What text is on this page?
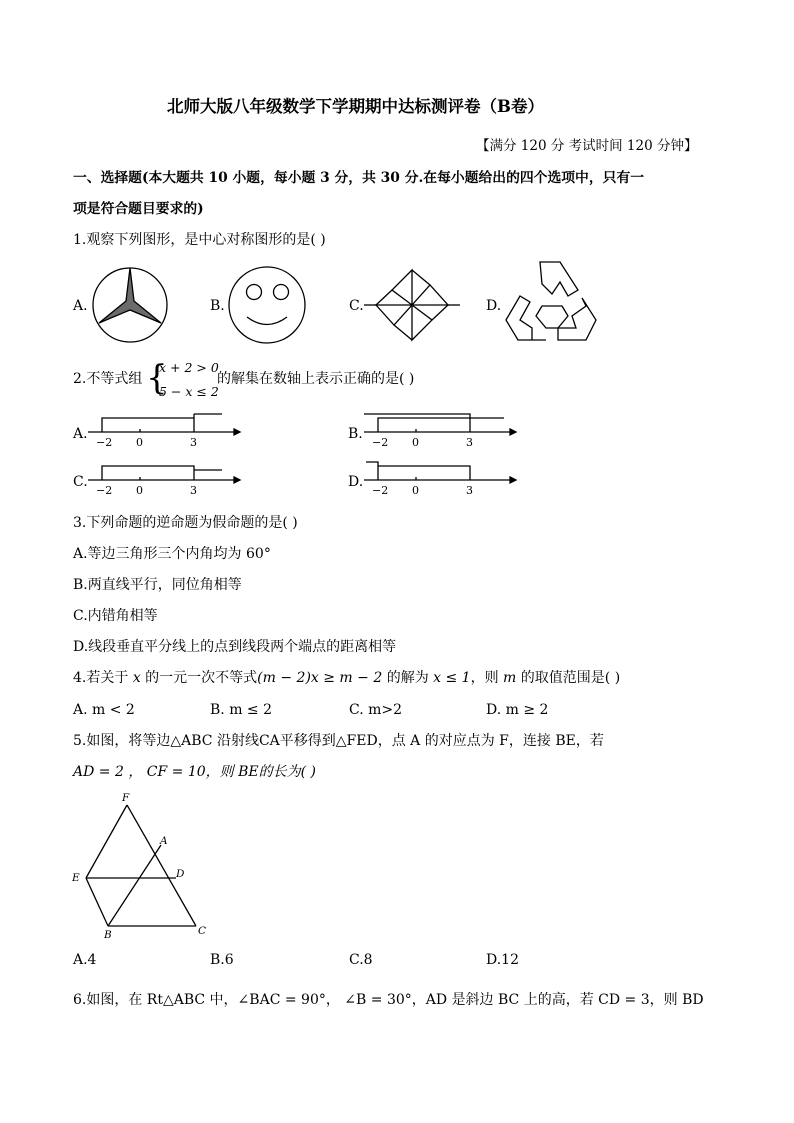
北师大版八年级数学下学期期中达标测评卷（B卷）
【满分 120 分 考试时间 120 分钟】
一、选择题(本大题共 10 小题，每小题 3 分，共 30 分.在每小题给出的四个选项中，只有一
项是符合题目要求的)
1.观察下列图形，是中心对称图形的是( )
A.	B.	C.	D.
2.不等式组 {
x + 2 > 0
5 − x ≤ 2
的解集在数轴上表示正确的是( )
A.	B.
C.	D.
−2 0	3	−2 0	3
−2 0	3	−2 0	3
3.下列命题的逆命题为假命题的是( )
A.等边三角形三个内角均为 60°
B.两直线平行，同位角相等
C.内错角相等
D.线段垂直平分线上的点到线段两个端点的距离相等
4.若关于 x 的一元一次不等式(m − 2)x ≥ m − 2 的解为 x ≤ 1，则 m 的取值范围是( )
A. m < 2	B. m ≤ 2	C. m>2	D. m ≥ 2
5.如图，将等边△ABC 沿射线CA平移得到△FED，点 A 的对应点为 F，连接 BE，若
AD = 2 ， CF = 10，则 BE的长为( )
F
A
E	D
B	C
A.4	B.6	C.8	D.12
6.如图，在 Rt△ABC 中，∠BAC = 90°， ∠B = 30°，AD 是斜边 BC 上的高，若 CD = 3，则 BD
